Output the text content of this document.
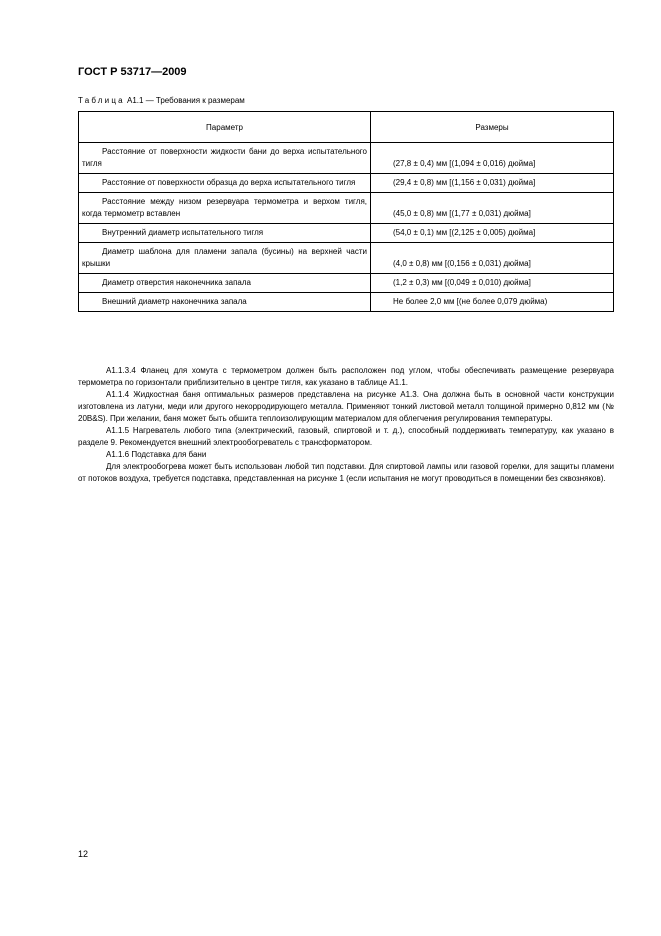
ГОСТ Р 53717—2009
Таблица А1.1 — Требования к размерам
Параметр	Размеры

Расстояние от поверхности жидкости бани до верха испытательного тигля	(27,8 ± 0,4) мм [(1,094 ± 0,016) дюйма]

Расстояние от поверхности образца до верха испытательного тигля	(29,4 ± 0,8) мм [(1,156 ± 0,031) дюйма]

Расстояние между низом резервуара термометра и верхом тигля, когда термометр вставлен	(45,0 ± 0,8) мм [(1,77 ± 0,031) дюйма]

Внутренний диаметр испытательного тигля	(54,0 ± 0,1) мм [(2,125 ± 0,005) дюйма]

Диаметр шаблона для пламени запала (бусины) на верхней части крышки	(4,0 ± 0,8) мм [(0,156 ± 0,031) дюйма]

Диаметр отверстия наконечника запала	(1,2 ± 0,3) мм [(0,049 ± 0,010) дюйма]

Внешний диаметр наконечника запала	Не более 2,0 мм [(не более 0,079 дюйма)

А1.1.3.4 Фланец для хомута с термометром должен быть расположен под углом, чтобы обеспечивать размещение резервуара термометра по горизонтали приблизительно в центре тигля, как указано в таблице А1.1.

А1.1.4 Жидкостная баня оптимальных размеров представлена на рисунке А1.3. Она должна быть в основной части конструкции изготовлена из латуни, меди или другого некорродирующего металла. Применяют тонкий листовой металл толщиной примерно 0,812 мм (№ 20B&S). При желании, баня может быть обшита теплоизолирующим материалом для облегчения регулирования температуры.

А1.1.5 Нагреватель любого типа (электрический, газовый, спиртовой и т. д.), способный поддерживать температуру, как указано в разделе 9. Рекомендуется внешний электрообогреватель с трансформатором.

А1.1.6 Подставка для бани

Для электрообогрева может быть использован любой тип подставки. Для спиртовой лампы или газовой горелки, для защиты пламени от потоков воздуха, требуется подставка, представленная на рисунке 1 (если испытания не могут проводиться в помещении без сквозняков).

12
